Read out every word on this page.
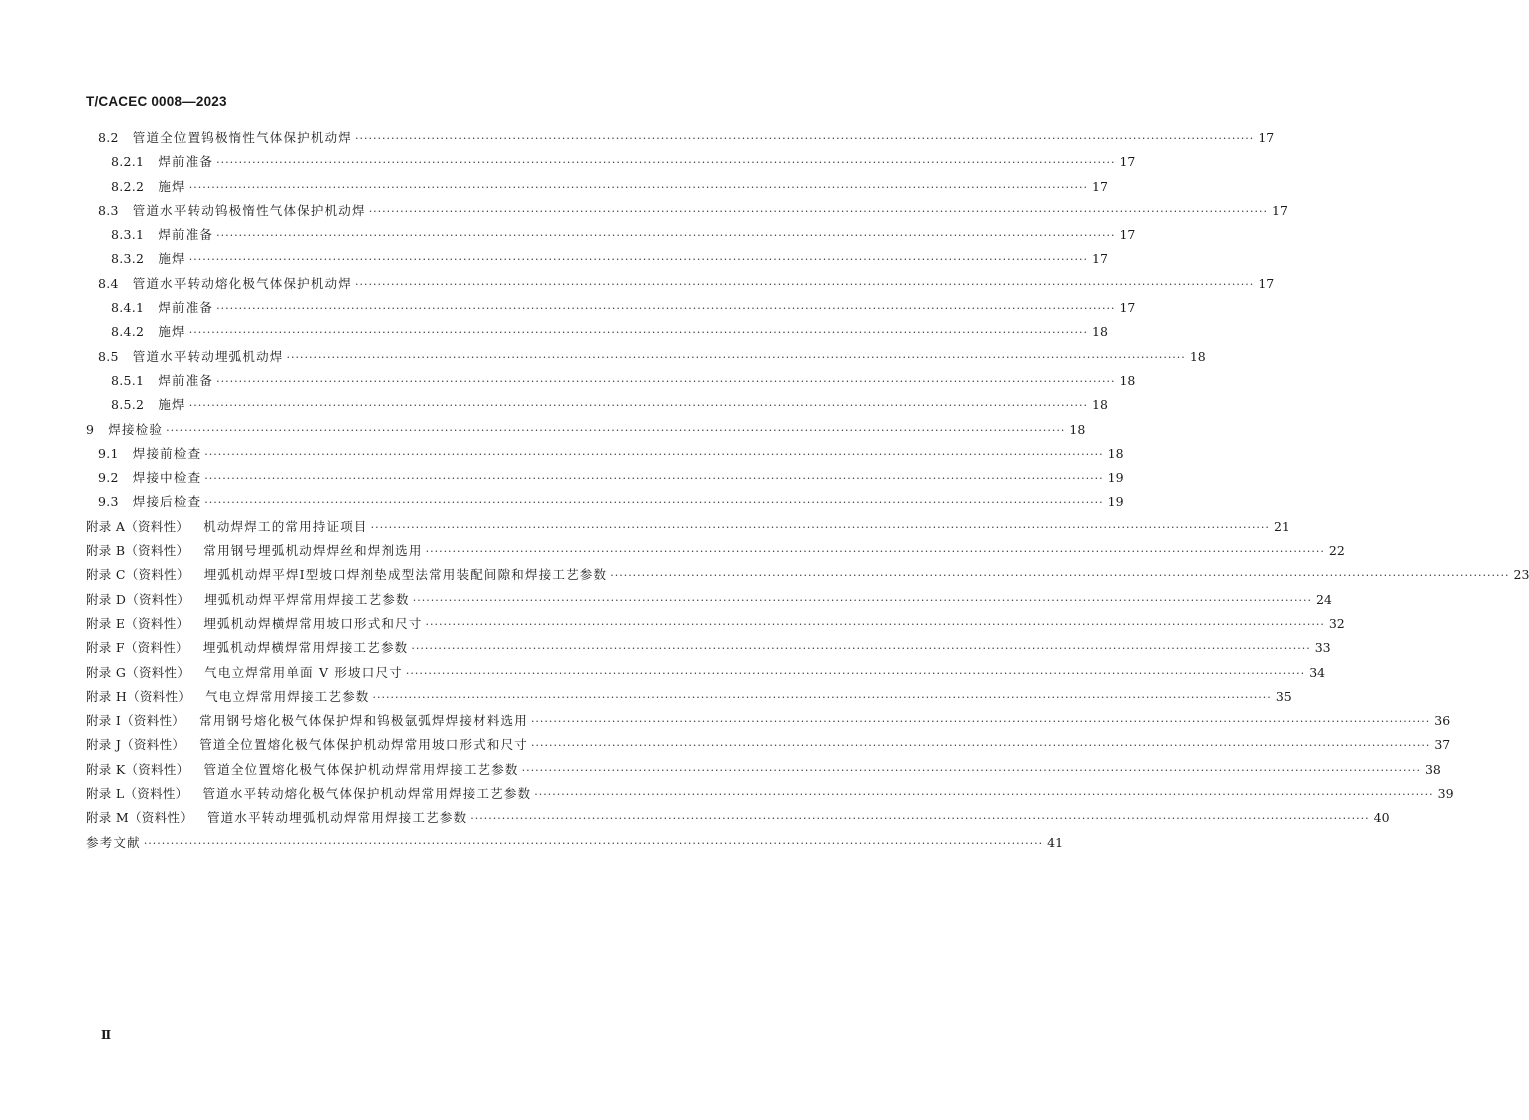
T/CACEC 0008—2023
8.2 管道全位置钨极惰性气体保护机动焊 ········································································································································································································ 17
8.2.1 焊前准备 ········································································································································································································ 17
8.2.2 施焊 ········································································································································································································ 17
8.3 管道水平转动钨极惰性气体保护机动焊 ········································································································································································································ 17
8.3.1 焊前准备 ········································································································································································································ 17
8.3.2 施焊 ········································································································································································································ 17
8.4 管道水平转动熔化极气体保护机动焊 ········································································································································································································ 17
8.4.1 焊前准备 ········································································································································································································ 17
8.4.2 施焊 ········································································································································································································ 18
8.5 管道水平转动埋弧机动焊 ········································································································································································································ 18
8.5.1 焊前准备 ········································································································································································································ 18
8.5.2 施焊 ········································································································································································································ 18
9 焊接检验 ········································································································································································································ 18
9.1 焊接前检查 ········································································································································································································ 18
9.2 焊接中检查 ········································································································································································································ 19
9.3 焊接后检查 ········································································································································································································ 19
附录 A（资料性） 机动焊焊工的常用持证项目 ········································································································································································································ 21
附录 B（资料性） 常用钢号埋弧机动焊焊丝和焊剂选用 ········································································································································································································ 22
附录 C（资料性） 埋弧机动焊平焊Ⅰ型坡口焊剂垫成型法常用装配间隙和焊接工艺参数 ········································································································································································································ 23
附录 D（资料性） 埋弧机动焊平焊常用焊接工艺参数 ········································································································································································································ 24
附录 E（资料性） 埋弧机动焊横焊常用坡口形式和尺寸 ········································································································································································································ 32
附录 F（资料性） 埋弧机动焊横焊常用焊接工艺参数 ········································································································································································································ 33
附录 G（资料性） 气电立焊常用单面 V 形坡口尺寸 ········································································································································································································ 34
附录 H（资料性） 气电立焊常用焊接工艺参数 ········································································································································································································ 35
附录 I（资料性） 常用钢号熔化极气体保护焊和钨极氩弧焊焊接材料选用 ········································································································································································································ 36
附录 J（资料性） 管道全位置熔化极气体保护机动焊常用坡口形式和尺寸 ········································································································································································································ 37
附录 K（资料性） 管道全位置熔化极气体保护机动焊常用焊接工艺参数 ········································································································································································································ 38
附录 L（资料性） 管道水平转动熔化极气体保护机动焊常用焊接工艺参数 ········································································································································································································ 39
附录 M（资料性） 管道水平转动埋弧机动焊常用焊接工艺参数 ········································································································································································································ 40
参考文献 ········································································································································································································ 41
Ⅱ
